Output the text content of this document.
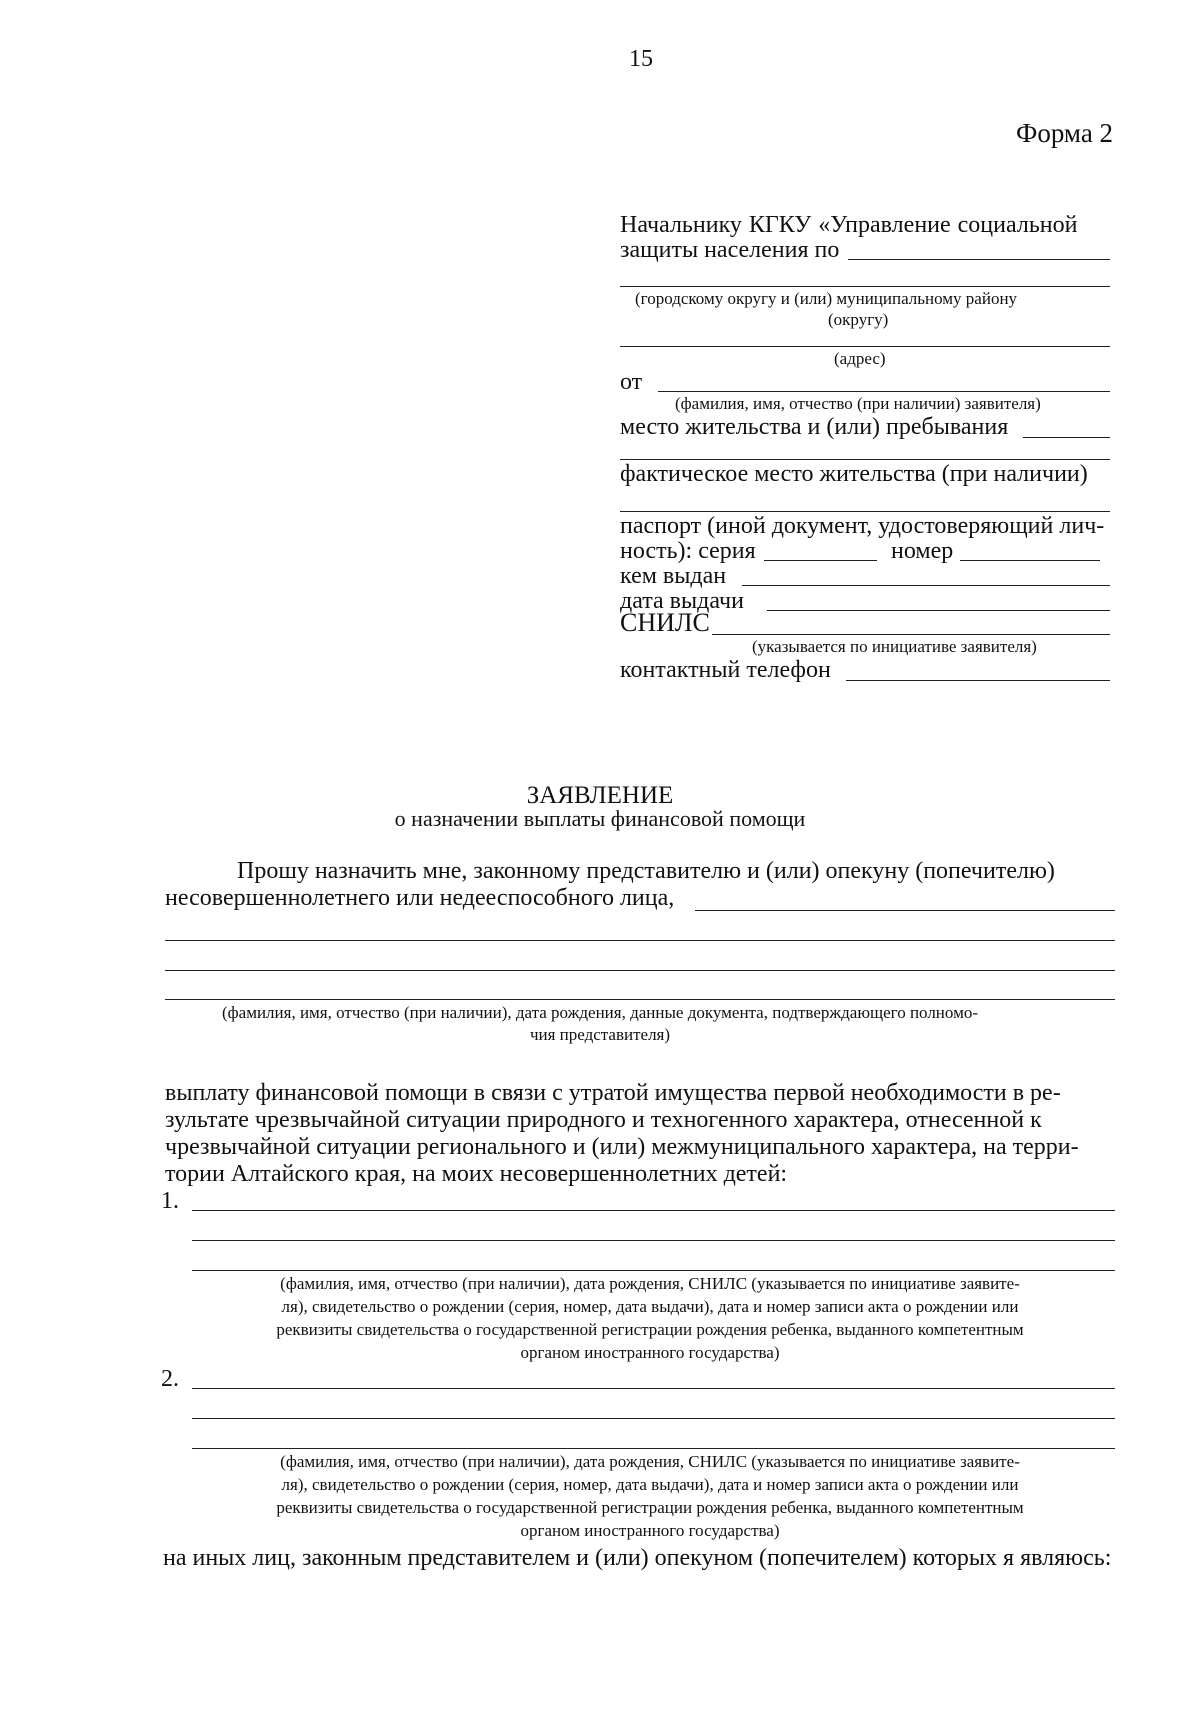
15
Форма 2
Начальнику КГКУ «Управление социальной
защиты населения по
(городскому округу и (или) муниципальному району
(округу)
(адрес)
от
(фамилия, имя, отчество (при наличии) заявителя)
место жительства и (или) пребывания
фактическое место жительства (при наличии)
паспорт (иной документ, удостоверяющий лич-
ность): серия	номер
кем выдан
дата выдачи
СНИЛС
(указывается по инициативе заявителя)
контактный телефон
ЗАЯВЛЕНИЕ
о назначении выплаты финансовой помощи
Прошу назначить мне, законному представителю и (или) опекуну (попечителю)
несовершеннолетнего или недееспособного лица,
(фамилия, имя, отчество (при наличии), дата рождения, данные документа, подтверждающего полномо-
чия представителя)
выплату финансовой помощи в связи с утратой имущества первой необходимости в ре-
зультате чрезвычайной ситуации природного и техногенного характера, отнесенной к
чрезвычайной ситуации регионального и (или) межмуниципального характера, на терри-
тории Алтайского края, на моих несовершеннолетних детей:
1.
(фамилия, имя, отчество (при наличии), дата рождения, СНИЛС (указывается по инициативе заявите-
ля), свидетельство о рождении (серия, номер, дата выдачи), дата и номер записи акта о рождении или
реквизиты свидетельства о государственной регистрации рождения ребенка, выданного компетентным
органом иностранного государства)
2.
(фамилия, имя, отчество (при наличии), дата рождения, СНИЛС (указывается по инициативе заявите-
ля), свидетельство о рождении (серия, номер, дата выдачи), дата и номер записи акта о рождении или
реквизиты свидетельства о государственной регистрации рождения ребенка, выданного компетентным
органом иностранного государства)
на иных лиц, законным представителем и (или) опекуном (попечителем) которых я являюсь:
